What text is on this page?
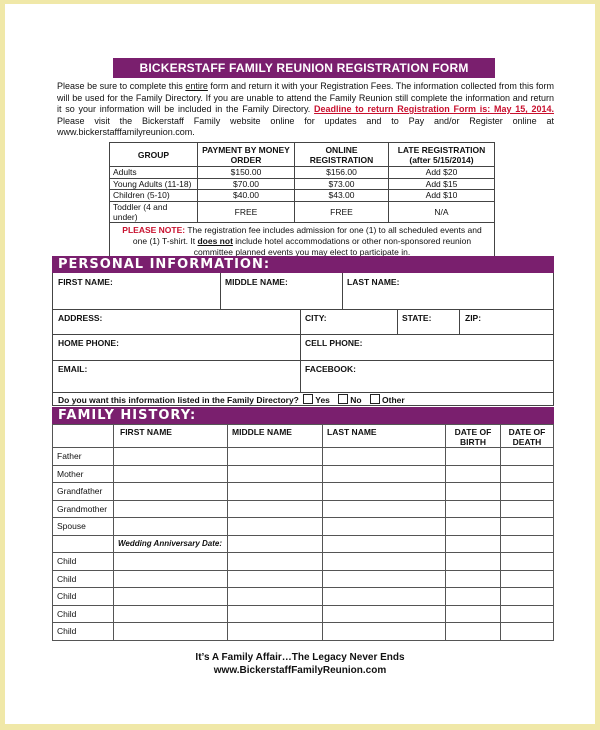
BICKERSTAFF FAMILY REUNION REGISTRATION FORM
Please be sure to complete this entire form and return it with your Registration Fees. The information collected from this form will be used for the Family Directory. If you are unable to attend the Family Reunion still complete the information and return it so your information will be included in the Family Directory. Deadline to return Registration Form is: May 15, 2014. Please visit the Bickerstaff Family website online for updates and to Pay and/or Register online at www.bickerstafffamilyreunion.com.
GROUP	PAYMENT BY MONEY ORDER	ONLINE REGISTRATION	LATE REGISTRATION (after 5/15/2014)
Adults	$150.00	$156.00	Add $20
Young Adults (11-18)	$70.00	$73.00	Add $15
Children (5-10)	$40.00	$43.00	Add $10
Toddler (4 and under)	FREE	FREE	N/A
PLEASE NOTE: The registration fee includes admission for one (1) to all scheduled events and one (1) T-shirt. It does not include hotel accommodations or other non-sponsored reunion committee planned events you may elect to participate in.			
PERSONAL INFORMATION:
FIRST NAME:	MIDDLE NAME:	LAST NAME:
ADDRESS:	CITY:	STATE:	ZIP:
HOME PHONE:	CELL PHONE:
EMAIL:	FACEBOOK:
Do you want this information listed in the Family Directory? Yes No Other
FAMILY HISTORY:
	FIRST NAME	MIDDLE NAME	LAST NAME	DATE OF BIRTH	DATE OF DEATH
Father					
Mother					
Grandfather					
Grandmother					
Spouse					
	Wedding Anniversary Date:				
Child					
Child					
Child					
Child					
Child					
It’s A Family Affair…The Legacy Never Ends
www.BickerstaffFamilyReunion.com
